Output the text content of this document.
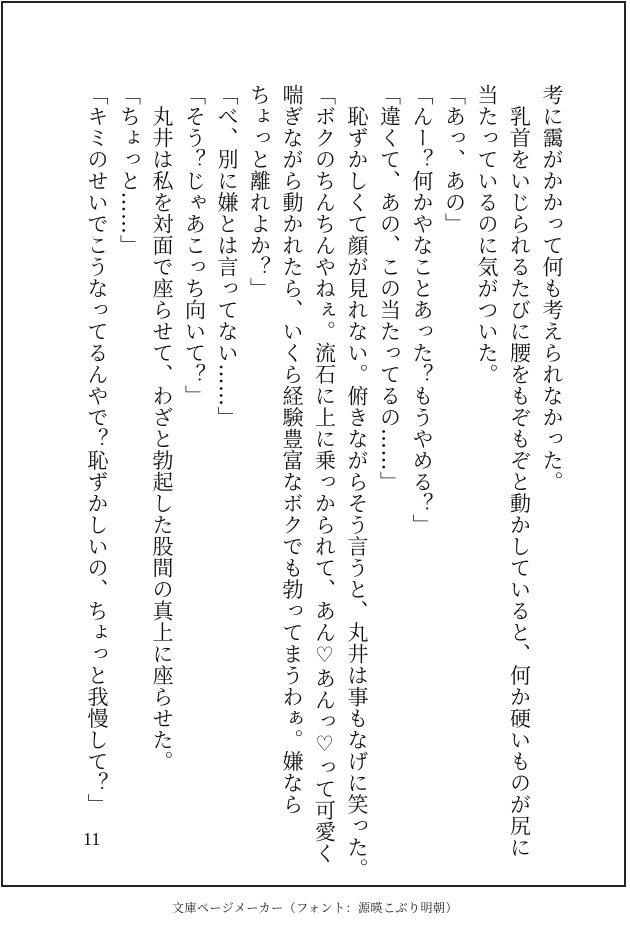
考に靄がかかって何も考えられなかった。
　乳首をいじられるたびに腰をもぞもぞと動かしていると、何か硬いものが尻に
当たっているのに気がついた。
「あっ、あの」
「んー？何かやなことあった？もうやめる？」
「違くて、あの、この当たってるの……」
　恥ずかしくて顔が見れない。俯きながらそう言うと、丸井は事もなげに笑った。
「ボクのちんちんやねぇ。流石に上に乗っかられて、あん♡あんっ♡って可愛く
喘ぎながら動かれたら、いくら経験豊富なボクでも勃ってまうわぁ。嫌なら
ちょっと離れよか？」
「べ、別に嫌とは言ってない……」
「そう？じゃあこっち向いて？」
　丸井は私を対面で座らせて、わざと勃起した股間の真上に座らせた。
「ちょっと……」
「キミのせいでこうなってるんやで？恥ずかしいの、ちょっと我慢して？」
11
文庫ページメーカー（フォント：源暎こぶり明朝）
